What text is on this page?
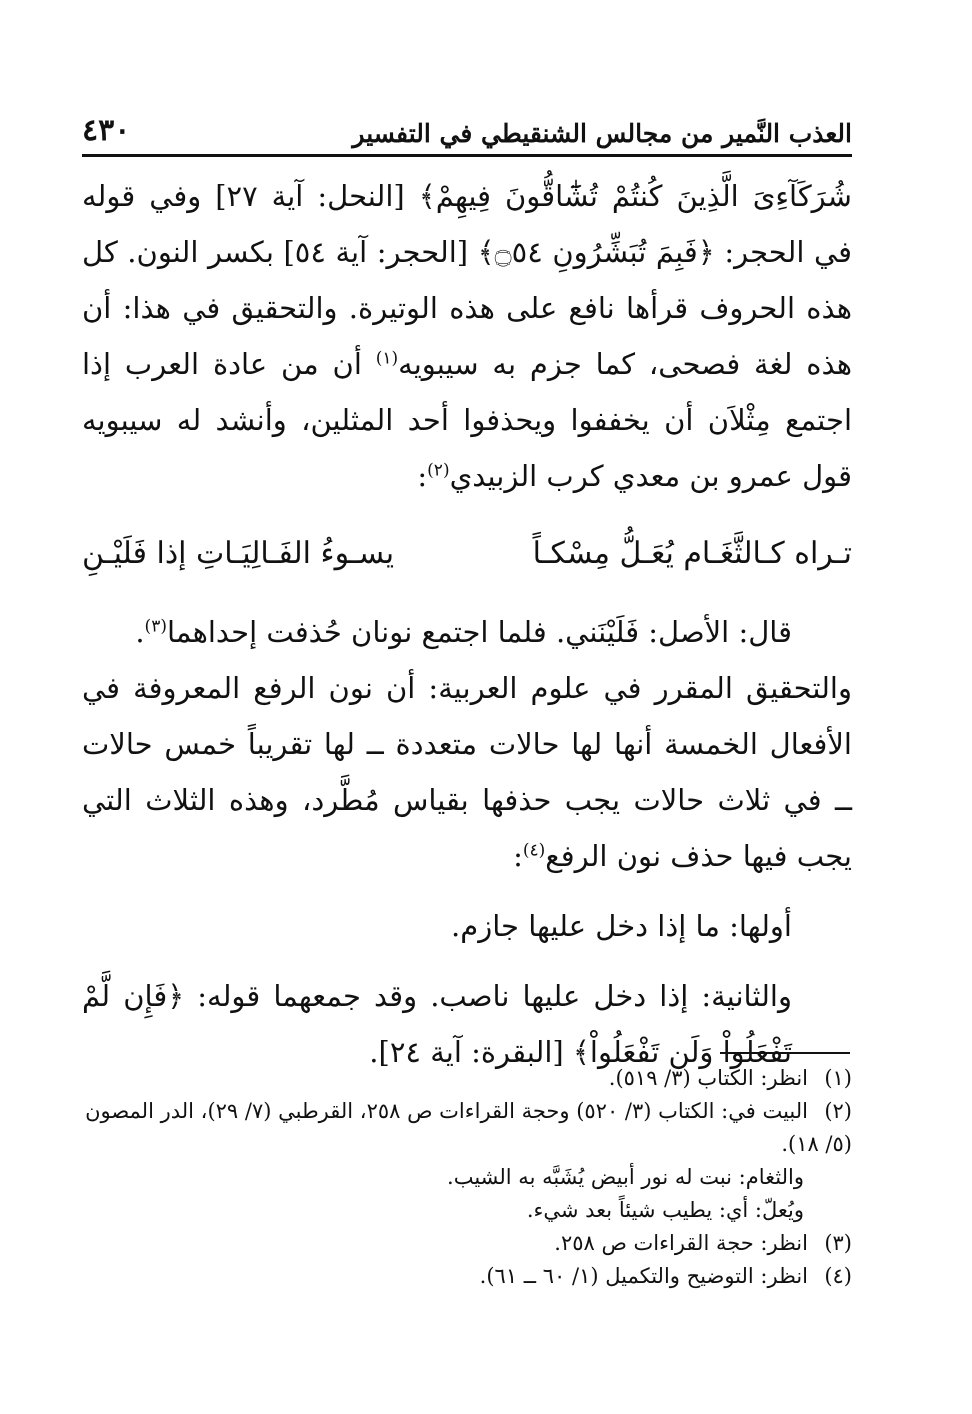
العذب النَّمير من مجالس الشنقيطي في التفسير
٤٣٠

شُرَكَآءِىَ الَّذِينَ كُنتُمْ تُشَٰٓاقُّونَ فِيهِمْ﴾ [النحل: آية ٢٧] وفي قوله في الحجر: ﴿فَبِمَ تُبَشِّرُونِ ۝٥٤﴾ [الحجر: آية ٥٤] بكسر النون. كل هذه الحروف قرأها نافع على هذه الوتيرة. والتحقيق في هذا: أن هذه لغة فصحى، كما جزم به سيبويه$^{(١)}$ أن من عادة العرب إذا اجتمع مِثْلاَن أن يخففوا ويحذفوا أحد المثلين، وأنشد له سيبويه قول عمرو بن معدي كرب الزبيدي$^{(٢)}$:

تـراه كـالثَّغَـام يُعَـلُّ مِسْكـاً
يسـوءُ الفَـالِيَـاتِ إذا فَلَيْـنِ

قال: الأصل: فَلَيْنَني. فلما اجتمع نونان حُذفت إحداهما$^{(٣)}$.

والتحقيق المقرر في علوم العربية: أن نون الرفع المعروفة في الأفعال الخمسة أنها لها حالات متعددة ــ لها تقريباً خمس حالات ــ في ثلاث حالات يجب حذفها بقياس مُطَّرد، وهذه الثلاث التي يجب فيها حذف نون الرفع$^{(٤)}$:

أولها: ما إذا دخل عليها جازم.

والثانية: إذا دخل عليها ناصب. وقد جمعهما قوله: ﴿فَإِن لَّمْ تَفْعَلُواْ وَلَن تَفْعَلُواْ﴾ [البقرة: آية ٢٤].

(١)انظر: الكتاب (٣/ ٥١٩).

(٢)البيت في: الكتاب (٣/ ٥٢٠) وحجة القراءات ص ٢٥٨، القرطبي (٧/ ٢٩)، الدر المصون (٥/ ١٨).

والثغام: نبت له نور أبيض يُشَبَّه به الشيب.

ويُعلّ: أي: يطيب شيئاً بعد شيء.

(٣)انظر: حجة القراءات ص ٢٥٨.

(٤)انظر: التوضيح والتكميل (١/ ٦٠ ــ ٦١).
